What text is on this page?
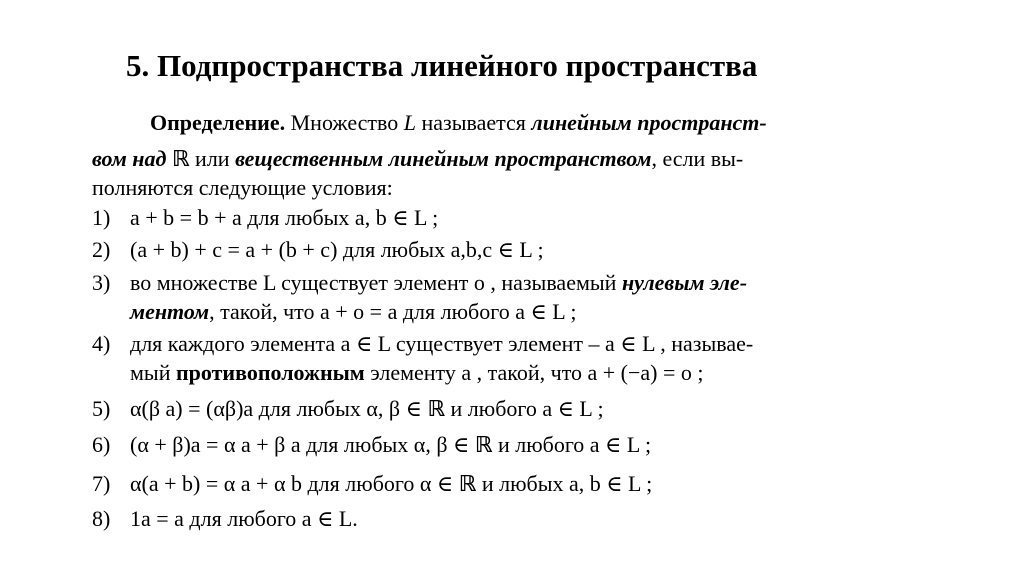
5. Подпространства линейного пространства
Определение. Множество L называется линейным пространст-
вом над ℝ или вещественным линейным пространством, если вы-
полняются следующие условия:
1) a + b = b + a для любых a, b ∈ L ;
2) (a + b) + c = a + (b + c) для любых a,b,c ∈ L ;
3) во множестве L существует элемент o , называемый нулевым эле-
ментом, такой, что a + o = a для любого a ∈ L ;
4) для каждого элемента a ∈ L существует элемент – a ∈ L , называе-
мый противоположным элементу a , такой, что a + (−a) = o ;
5) α(β a) = (αβ)a для любых α, β ∈ ℝ и любого a ∈ L ;
6) (α + β)a = α a + β a для любых α, β ∈ ℝ и любого a ∈ L ;
7) α(a + b) = α a + α b для любого α ∈ ℝ и любых a, b ∈ L ;
8) 1a = a для любого a ∈ L.
